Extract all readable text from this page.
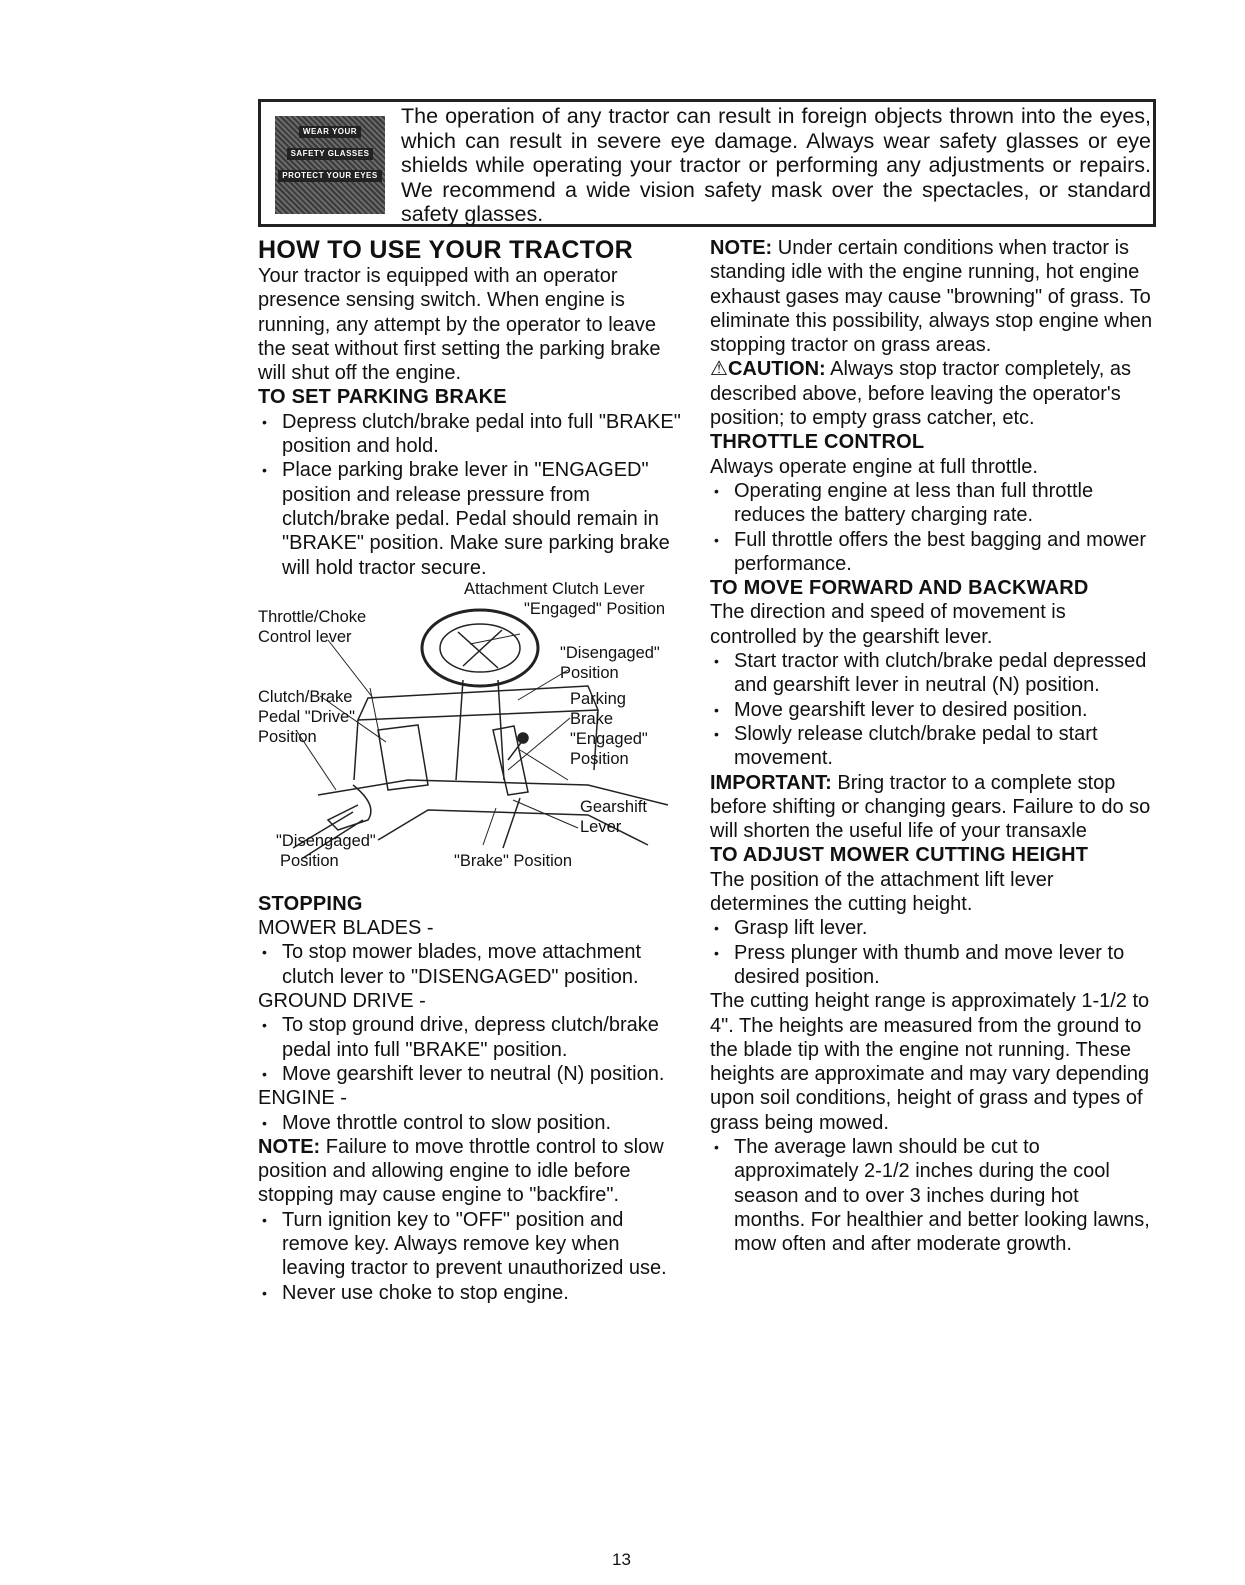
WEAR YOUR
SAFETY GLASSES
PROTECT YOUR EYES

The operation of any tractor can result in foreign objects thrown into the eyes, which can result in severe eye damage. Always wear safety glasses or eye shields while operating your tractor or performing any adjustments or repairs. We recommend a wide vision safety mask over the spectacles, or standard safety glasses.

HOW TO USE YOUR TRACTOR

Your tractor is equipped with an operator presence sensing switch. When engine is running, any attempt by the operator to leave the seat without first setting the parking brake will shut off the engine.

TO SET PARKING BRAKE
• Depress clutch/brake pedal into full "BRAKE" position and hold.
• Place parking brake lever in "ENGAGED" position and release pressure from clutch/brake pedal. Pedal should remain in "BRAKE" position. Make sure parking brake will hold tractor secure.
Attachment Clutch Lever
"Engaged" Position
Throttle/Choke
Control lever
"Disengaged"
Position
Clutch/Brake
Pedal "Drive"
Position
Parking
Brake
"Engaged"
Position
Gearshift
Lever
"Disengaged"
Position	"Brake" Position
STOPPING

MOWER BLADES -

• To stop mower blades, move attachment clutch lever to "DISENGAGED" position.

GROUND DRIVE -

• To stop ground drive, depress clutch/brake pedal into full "BRAKE" position.
• Move gearshift lever to neutral (N) position.

ENGINE -

• Move throttle control to slow position.

NOTE: Failure to move throttle control to slow position and allowing engine to idle before stopping may cause engine to "backfire".

• Turn ignition key to "OFF" position and remove key. Always remove key when leaving tractor to prevent unauthorized use.
• Never use choke to stop engine.

NOTE: Under certain conditions when tractor is standing idle with the engine running, hot engine exhaust gases may cause "browning" of grass. To eliminate this possibility, always stop engine when stopping tractor on grass areas.

⚠CAUTION: Always stop tractor completely, as described above, before leaving the operator's position; to empty grass catcher, etc.

THROTTLE CONTROL

Always operate engine at full throttle.

• Operating engine at less than full throttle reduces the battery charging rate.
• Full throttle offers the best bagging and mower performance.
TO MOVE FORWARD AND BACKWARD

The direction and speed of movement is controlled by the gearshift lever.

• Start tractor with clutch/brake pedal depressed and gearshift lever in neutral (N) position.
• Move gearshift lever to desired position.
• Slowly release clutch/brake pedal to start movement.

IMPORTANT: Bring tractor to a complete stop before shifting or changing gears. Failure to do so will shorten the useful life of your transaxle

TO ADJUST MOWER CUTTING HEIGHT

The position of the attachment lift lever determines the cutting height.

• Grasp lift lever.
• Press plunger with thumb and move lever to desired position.

The cutting height range is approximately 1-1/2 to 4". The heights are measured from the ground to the blade tip with the engine not running. These heights are approximate and may vary depending upon soil conditions, height of grass and types of grass being mowed.

• The average lawn should be cut to approximately 2-1/2 inches during the cool season and to over 3 inches during hot months. For healthier and better looking lawns, mow often and after moderate growth.
13
